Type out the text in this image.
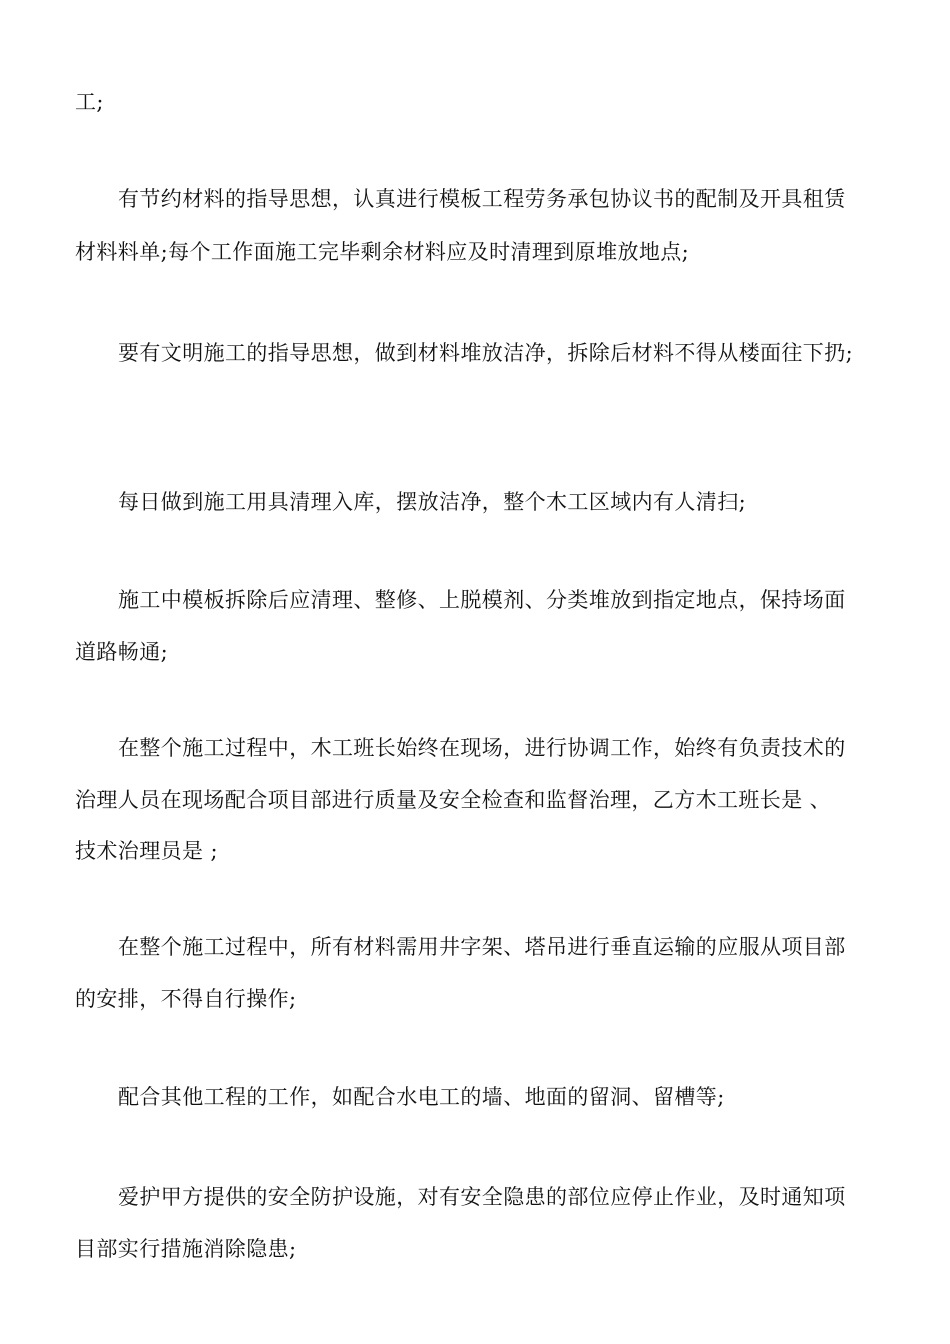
工;
有节约材料的指导思想，认真进行模板工程劳务承包协议书的配制及开具租赁
材料料单;每个工作面施工完毕剩余材料应及时清理到原堆放地点;
要有文明施工的指导思想，做到材料堆放洁净，拆除后材料不得从楼面往下扔;
每日做到施工用具清理入库，摆放洁净，整个木工区域内有人清扫;
施工中模板拆除后应清理、整修、上脱模剂、分类堆放到指定地点，保持场面
道路畅通;
在整个施工过程中，木工班长始终在现场，进行协调工作，始终有负责技术的
治理人员在现场配合项目部进行质量及安全检查和监督治理，乙方木工班长是 、
技术治理员是 ;
在整个施工过程中，所有材料需用井字架、塔吊进行垂直运输的应服从项目部
的安排，不得自行操作;
配合其他工程的工作，如配合水电工的墙、地面的留洞、留槽等;
爱护甲方提供的安全防护设施，对有安全隐患的部位应停止作业，及时通知项
目部实行措施消除隐患;
